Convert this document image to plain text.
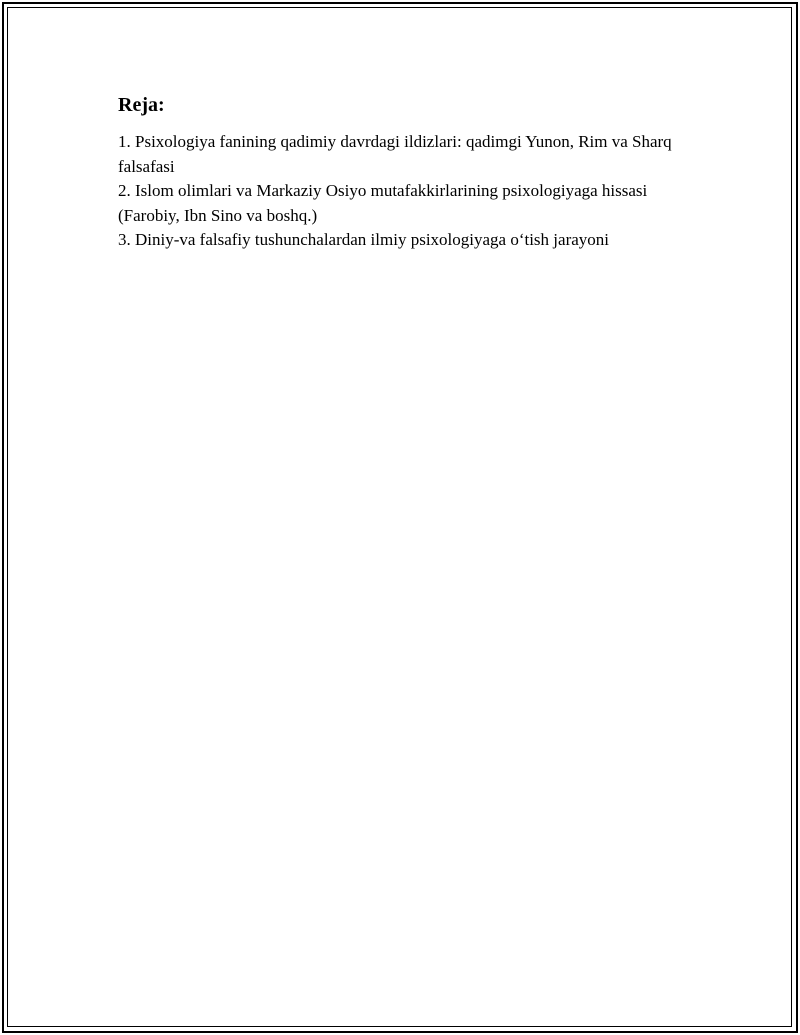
Reja:

1. Psixologiya fanining qadimiy davrdagi ildizlari: qadimgi Yunon, Rim va Sharq falsafasi

2. Islom olimlari va Markaziy Osiyo mutafakkirlarining psixologiyaga hissasi (Farobiy, Ibn Sino va boshq.)

3. Diniy-va falsafiy tushunchalardan ilmiy psixologiyaga o‘tish jarayoni
